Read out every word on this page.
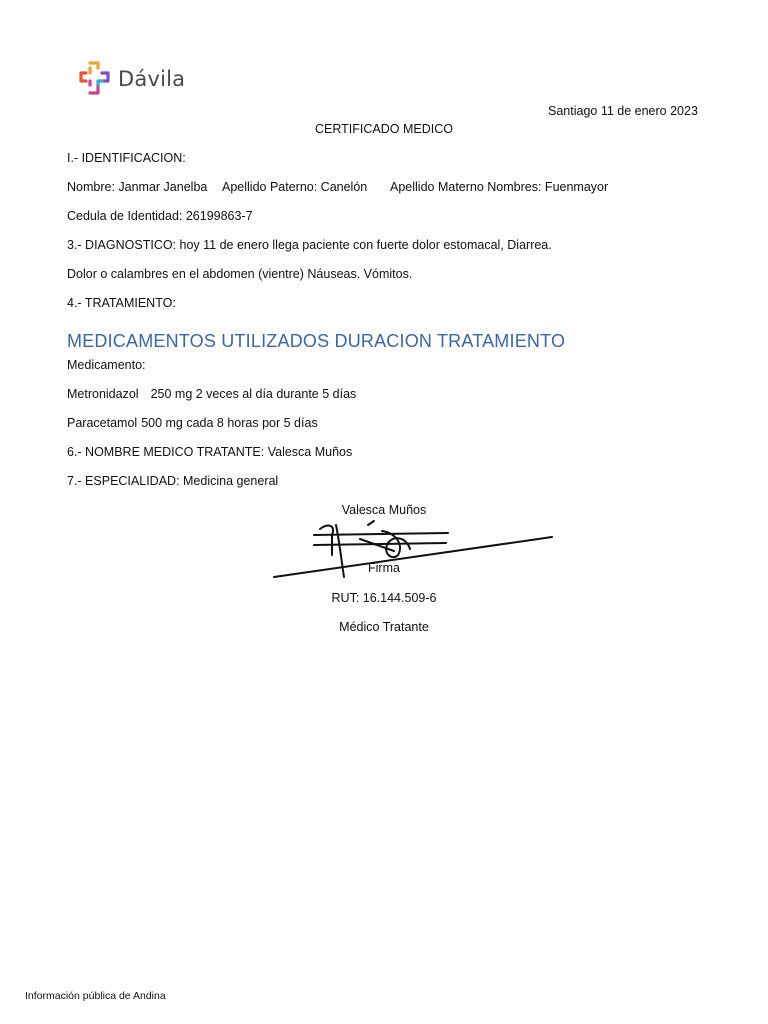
Dávila
Santiago 11 de enero 2023
CERTIFICADO MEDICO
I.- IDENTIFICACION:
Nombre: Janmar Janelba Apellido Paterno: Canelón Apellido Materno Nombres: Fuenmayor
Cedula de Identidad: 26199863-7
3.- DIAGNOSTICO: hoy 11 de enero llega paciente con fuerte dolor estomacal, Diarrea.
Dolor o calambres en el abdomen (vientre) Náuseas. Vómitos.
4.- TRATAMIENTO:
MEDICAMENTOS UTILIZADOS DURACION TRATAMIENTO
Medicamento:
Metronidazol 250 mg 2 veces al día durante 5 días
Paracetamol 500 mg cada 8 horas por 5 días
6.- NOMBRE MEDICO TRATANTE: Valesca Muños
7.- ESPECIALIDAD: Medicina general
Valesca Muños
Firma
RUT: 16.144.509-6
Médico Tratante
Información pública de Andina
